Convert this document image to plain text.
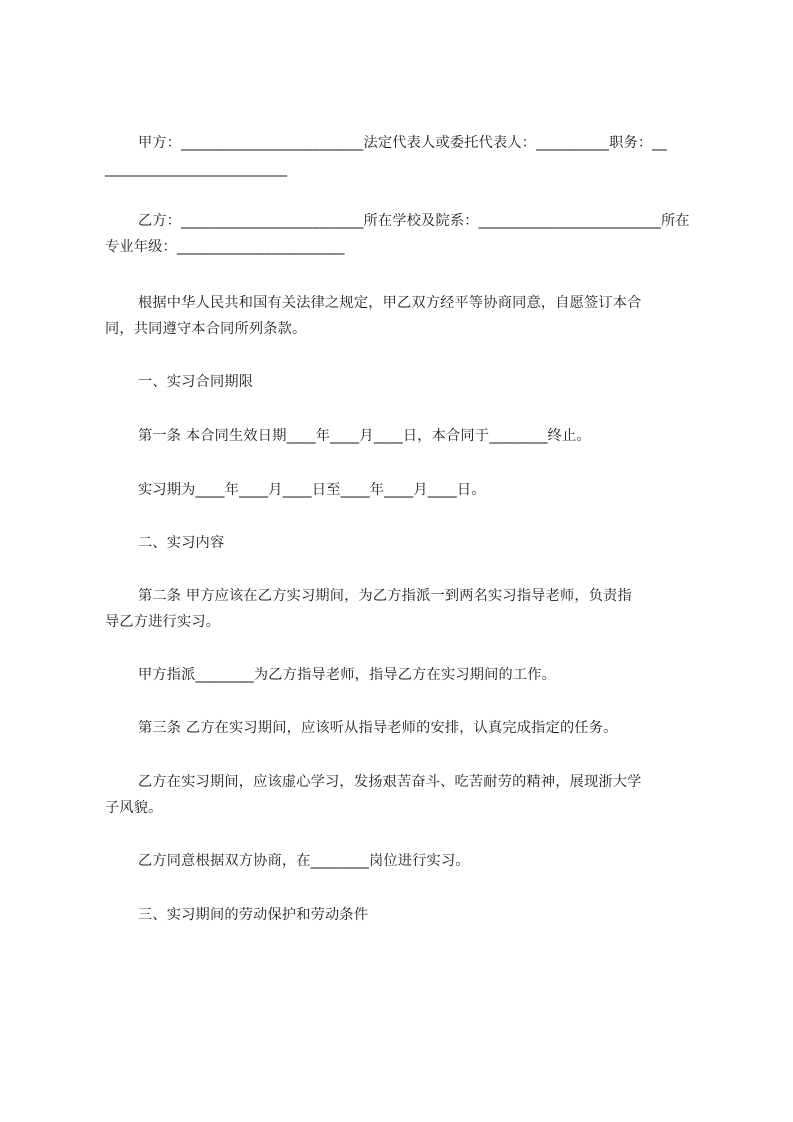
甲方：_________________________法定代表人或委托代表人：__________职务：__
_________________________
乙方：_________________________所在学校及院系：_________________________所在
专业年级：_______________________
根据中华人民共和国有关法律之规定，甲乙双方经平等协商同意，自愿签订本合
同，共同遵守本合同所列条款。
一、实习合同期限
第一条 本合同生效日期____年____月____日，本合同于________终止。
实习期为____年____月____日至____年____月____日。
二、实习内容
第二条 甲方应该在乙方实习期间，为乙方指派一到两名实习指导老师，负责指
导乙方进行实习。
甲方指派________为乙方指导老师，指导乙方在实习期间的工作。
第三条 乙方在实习期间，应该听从指导老师的安排，认真完成指定的任务。
乙方在实习期间，应该虚心学习，发扬艰苦奋斗、吃苦耐劳的精神，展现浙大学
子风貌。
乙方同意根据双方协商，在________岗位进行实习。
三、实习期间的劳动保护和劳动条件
